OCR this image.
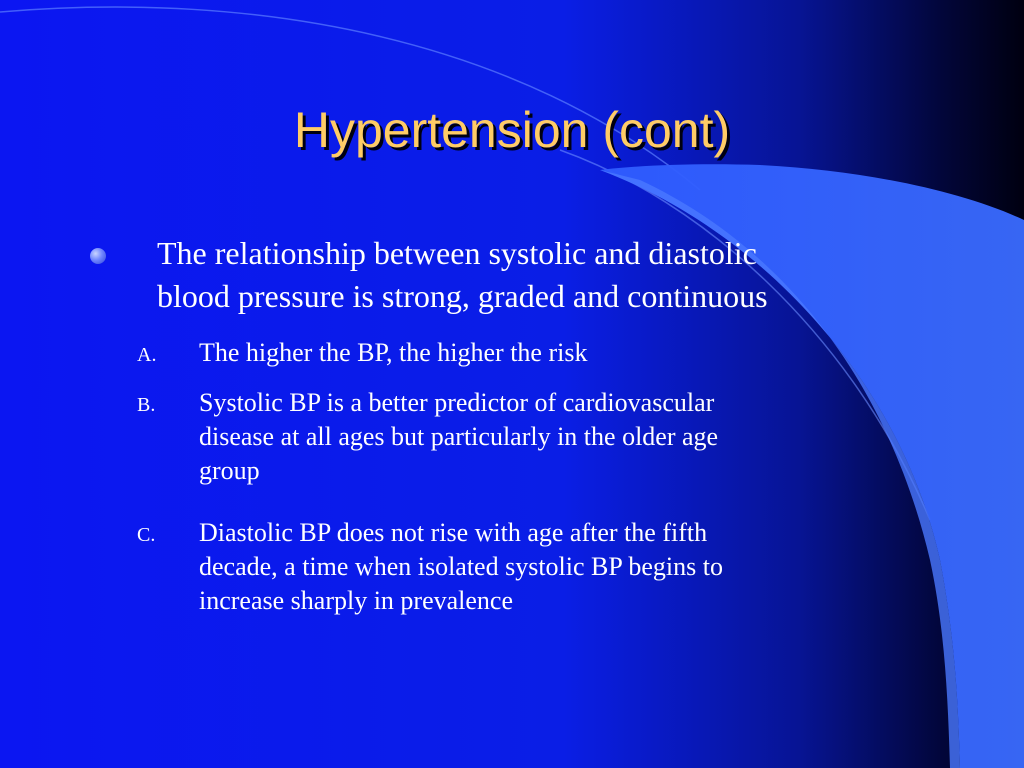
Hypertension (cont)
The relationship between systolic and diastolic
blood pressure is strong, graded and continuous
A. The higher the BP, the higher the risk
B. Systolic BP is a better predictor of cardiovascular
disease at all ages but particularly in the older age
group
C. Diastolic BP does not rise with age after the fifth
decade, a time when isolated systolic BP begins to
increase sharply in prevalence
